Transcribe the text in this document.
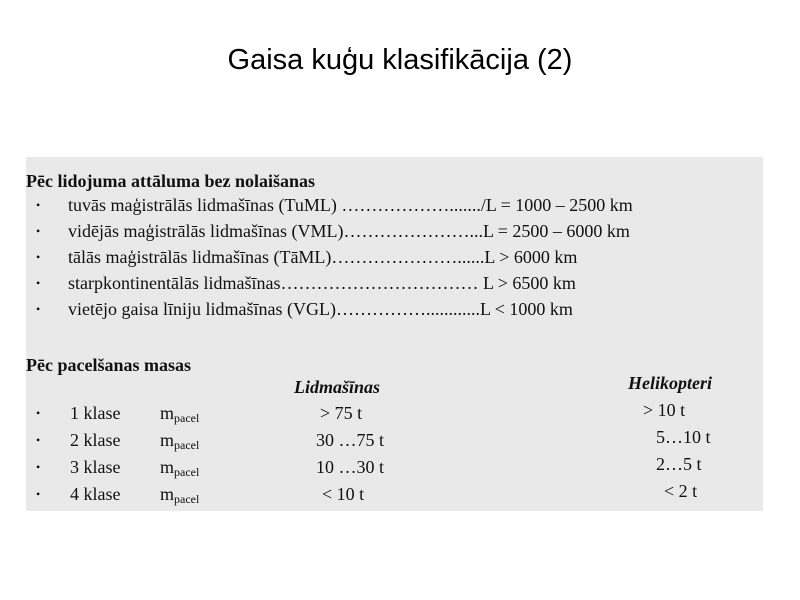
Gaisa kuģu klasifikācija (2)
Pēc lidojuma attāluma bez nolaišanas
• tuvās maģistrālās lidmašīnas (TuML) ………………......./L = 1000 – 2500 km
• vidējās maģistrālās lidmašīnas (VML)…………………...L = 2500 – 6000 km
• tālās maģistrālās lidmašīnas (TāML)…………………......L > 6000 km
• starpkontinentālās lidmašīnas…………………………… L > 6500 km
• vietējo gaisa līniju lidmašīnas (VGL)……………............L < 1000 km
Pēc pacelšanas masas
Lidmašīnas	Helikopteri
• 1 klase $m_{pacel}$	> 75 t	> 10 t
• 2 klase $m_{pacel}$	30 …75 t	5…10 t
• 3 klase $m_{pacel}$	10 …30 t	2…5 t
• 4 klase $m_{pacel}$	< 10 t	< 2 t
